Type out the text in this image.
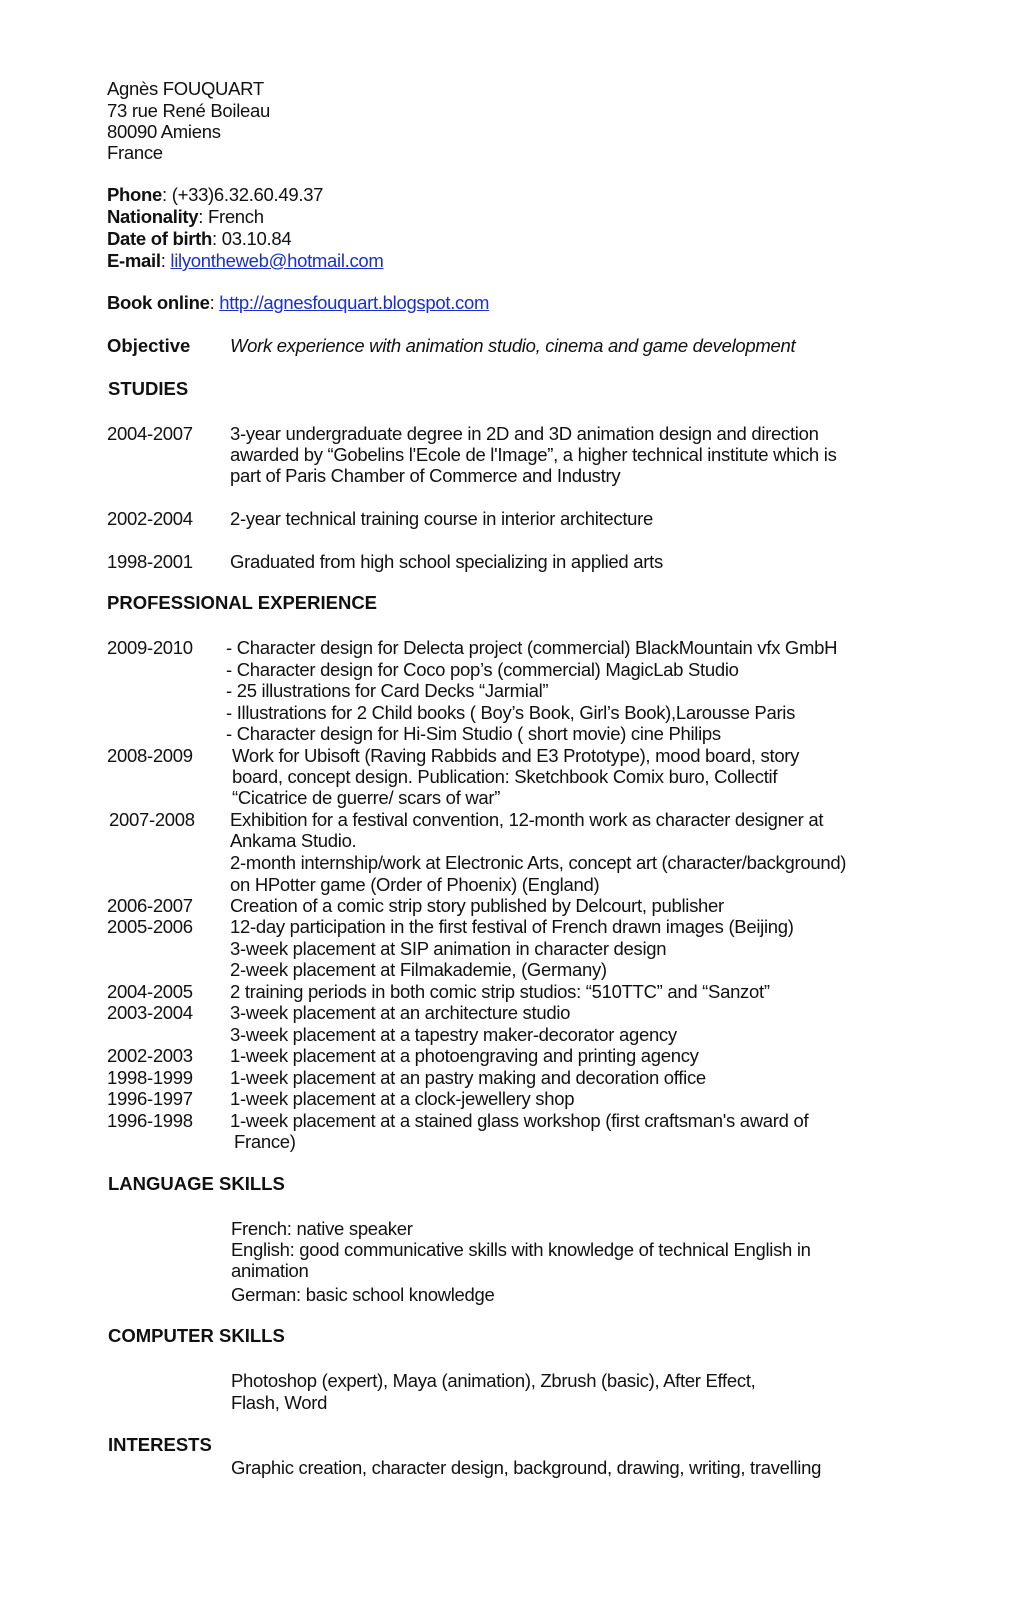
Agnès FOUQUART
73 rue René Boileau
80090 Amiens
France
Phone: (+33)6.32.60.49.37
Nationality: French
Date of birth: 03.10.84
E-mail: lilyontheweb@hotmail.com
Book online: http://agnesfouquart.blogspot.com
Objective Work experience with animation studio, cinema and game development
STUDIES
2004-2007 3-year undergraduate degree in 2D and 3D animation design and direction
awarded by “Gobelins l'Ecole de l'Image”, a higher technical institute which is
part of Paris Chamber of Commerce and Industry
2002-2004 2-year technical training course in interior architecture
1998-2001 Graduated from high school specializing in applied arts
PROFESSIONAL EXPERIENCE
2009-2010 - Character design for Delecta project (commercial) BlackMountain vfx GmbH
- Character design for Coco pop’s (commercial) MagicLab Studio
- 25 illustrations for Card Decks “Jarmial”
- Illustrations for 2 Child books ( Boy’s Book, Girl’s Book),Larousse Paris
- Character design for Hi-Sim Studio ( short movie) cine Philips
2008-2009 Work for Ubisoft (Raving Rabbids and E3 Prototype), mood board, story
board, concept design. Publication: Sketchbook Comix buro, Collectif
“Cicatrice de guerre/ scars of war”
2007-2008 Exhibition for a festival convention, 12-month work as character designer at
Ankama Studio.
2-month internship/work at Electronic Arts, concept art (character/background)
on HPotter game (Order of Phoenix) (England)
2006-2007 Creation of a comic strip story published by Delcourt, publisher
2005-2006 12-day participation in the first festival of French drawn images (Beijing)
3-week placement at SIP animation in character design
2-week placement at Filmakademie, (Germany)
2004-2005 2 training periods in both comic strip studios: “510TTC” and “Sanzot”
2003-2004 3-week placement at an architecture studio
3-week placement at a tapestry maker-decorator agency
2002-2003 1-week placement at a photoengraving and printing agency
1998-1999 1-week placement at an pastry making and decoration office
1996-1997 1-week placement at a clock-jewellery shop
1996-1998 1-week placement at a stained glass workshop (first craftsman's award of
France)
LANGUAGE SKILLS
French: native speaker
English: good communicative skills with knowledge of technical English in
animation
German: basic school knowledge
COMPUTER SKILLS
Photoshop (expert), Maya (animation), Zbrush (basic), After Effect,
Flash, Word
INTERESTS
Graphic creation, character design, background, drawing, writing, travelling
